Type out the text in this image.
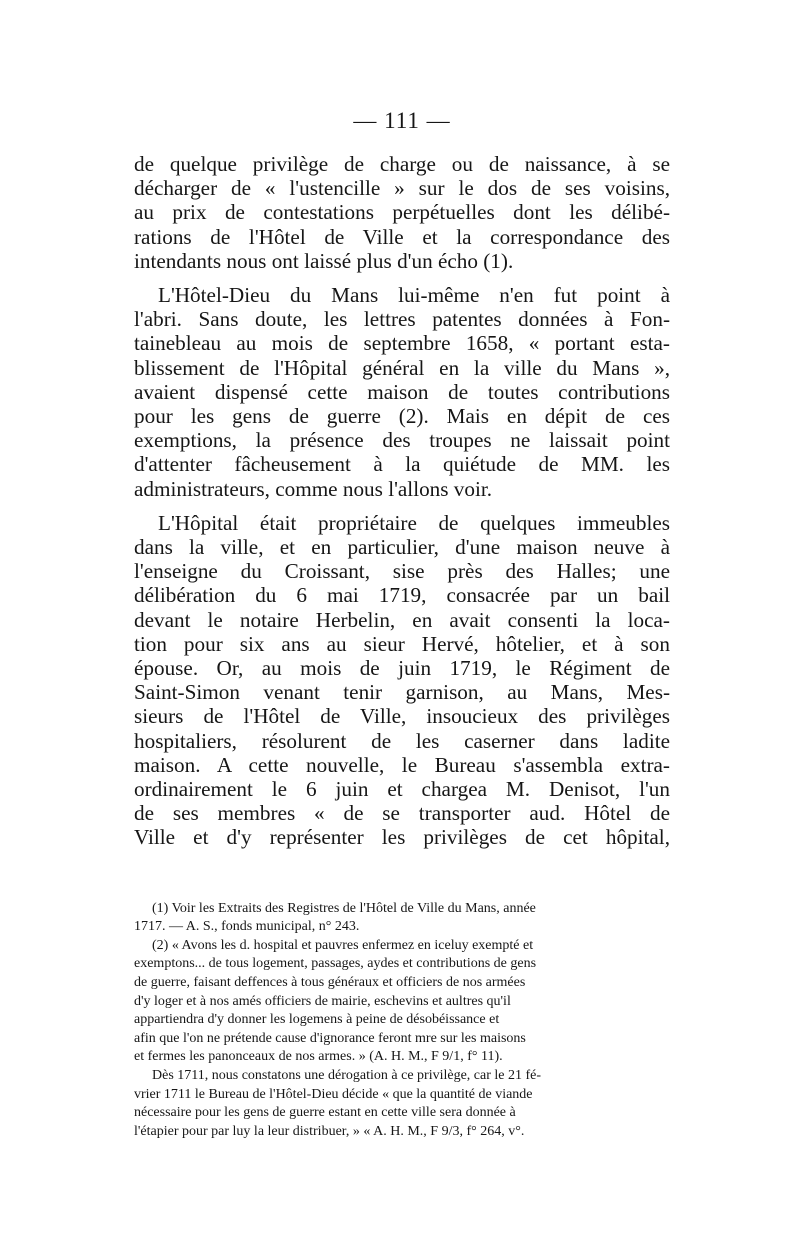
— 111 —

de quelque privilège de charge ou de naissance, à se

décharger de « l'ustencille » sur le dos de ses voisins,

au prix de contestations perpétuelles dont les délibé-

rations de l'Hôtel de Ville et la correspondance des

intendants nous ont laissé plus d'un écho (1).

L'Hôtel-Dieu du Mans lui-même n'en fut point à

l'abri. Sans doute, les lettres patentes données à Fon-

tainebleau au mois de septembre 1658, « portant esta-

blissement de l'Hôpital général en la ville du Mans »,

avaient dispensé cette maison de toutes contributions

pour les gens de guerre (2). Mais en dépit de ces

exemptions, la présence des troupes ne laissait point

d'attenter fâcheusement à la quiétude de MM. les

administrateurs, comme nous l'allons voir.

L'Hôpital était propriétaire de quelques immeubles

dans la ville, et en particulier, d'une maison neuve à

l'enseigne du Croissant, sise près des Halles; une

délibération du 6 mai 1719, consacrée par un bail

devant le notaire Herbelin, en avait consenti la loca-

tion pour six ans au sieur Hervé, hôtelier, et à son

épouse. Or, au mois de juin 1719, le Régiment de

Saint-Simon venant tenir garnison, au Mans, Mes-

sieurs de l'Hôtel de Ville, insoucieux des privilèges

hospitaliers, résolurent de les caserner dans ladite

maison. A cette nouvelle, le Bureau s'assembla extra-

ordinairement le 6 juin et chargea M. Denisot, l'un

de ses membres « de se transporter aud. Hôtel de

Ville et d'y représenter les privilèges de cet hôpital,

(1) Voir les Extraits des Registres de l'Hôtel de Ville du Mans, année

1717. — A. S., fonds municipal, n° 243.

(2) « Avons les d. hospital et pauvres enfermez en iceluy exempté et

exemptons... de tous logement, passages, aydes et contributions de gens

de guerre, faisant deffences à tous généraux et officiers de nos armées

d'y loger et à nos amés officiers de mairie, eschevins et aultres qu'il

appartiendra d'y donner les logemens à peine de désobéissance et

afin que l'on ne prétende cause d'ignorance feront mre sur les maisons

et fermes les panonceaux de nos armes. » (A. H. M., F 9/1, f° 11).

Dès 1711, nous constatons une dérogation à ce privilège, car le 21 fé-

vrier 1711 le Bureau de l'Hôtel-Dieu décide « que la quantité de viande

nécessaire pour les gens de guerre estant en cette ville sera donnée à

l'étapier pour par luy la leur distribuer, » « A. H. M., F 9/3, f° 264, v°.
